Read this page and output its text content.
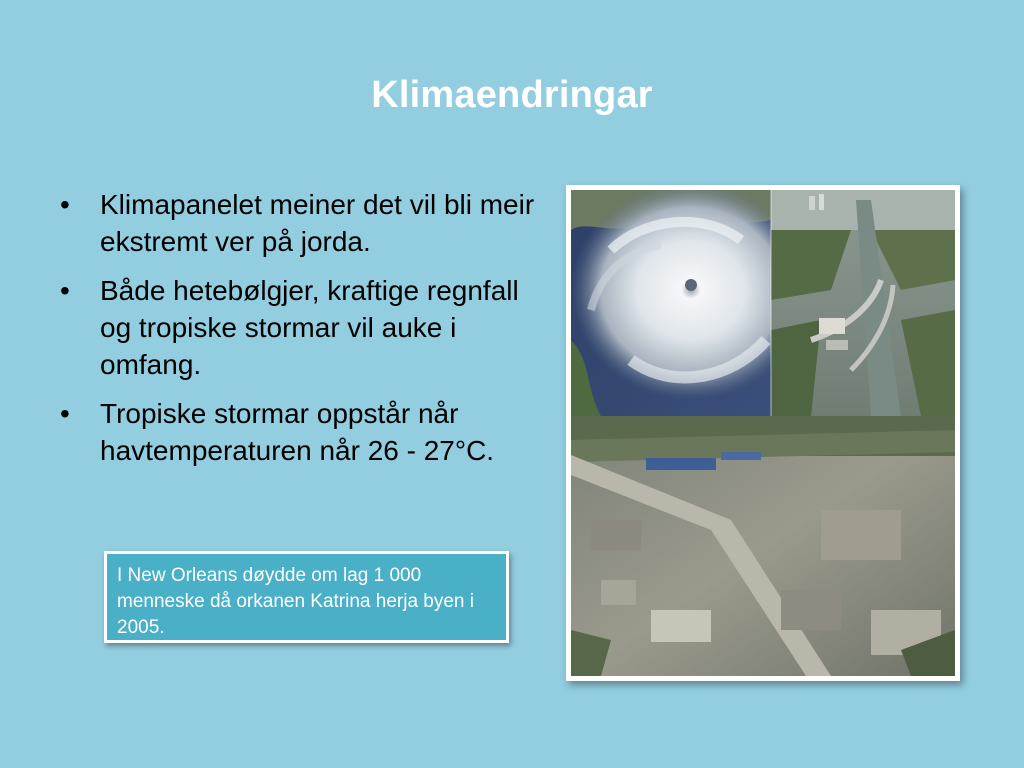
Klimaendringar
• Klimapanelet meiner det vil bli meir ekstremt ver på jorda.
• Både hetebølgjer, kraftige regnfall og tropiske stormar vil auke i omfang.
• Tropiske stormar oppstår når havtemperaturen når 26 - 27°C.
I New Orleans døydde om lag 1 000 menneske då orkanen Katrina herja byen i 2005.
